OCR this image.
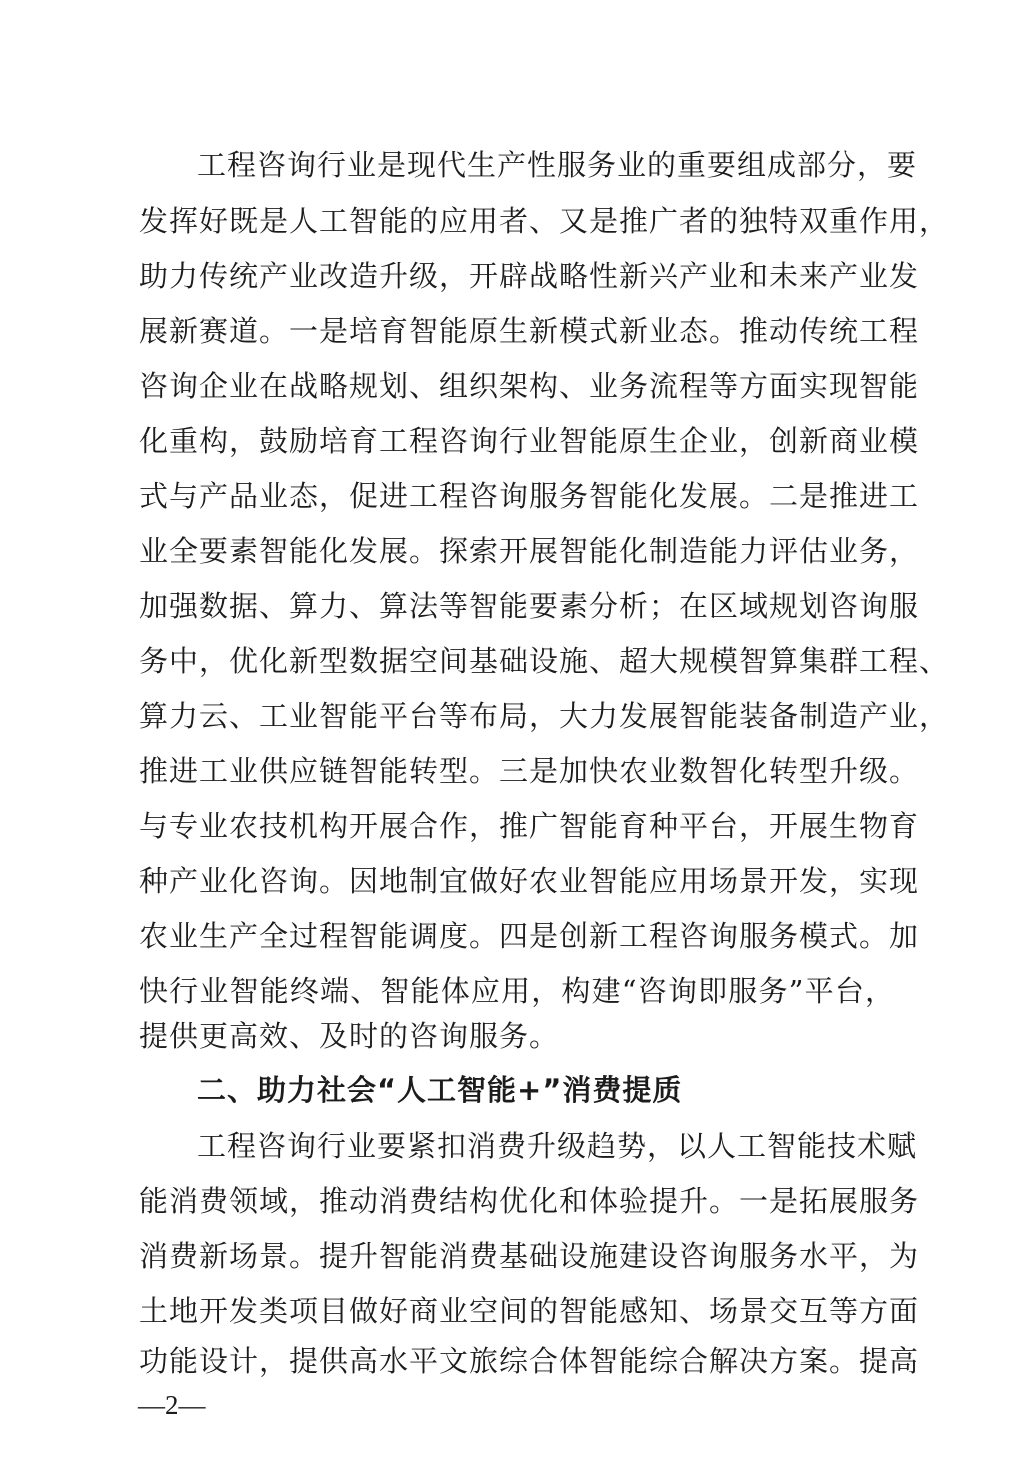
工程咨询行业是现代生产性服务业的重要组成部分，要
发挥好既是人工智能的应用者、又是推广者的独特双重作用，
助力传统产业改造升级，开辟战略性新兴产业和未来产业发
展新赛道。一是培育智能原生新模式新业态。推动传统工程
咨询企业在战略规划、组织架构、业务流程等方面实现智能
化重构，鼓励培育工程咨询行业智能原生企业，创新商业模
式与产品业态，促进工程咨询服务智能化发展。二是推进工
业全要素智能化发展。探索开展智能化制造能力评估业务，
加强数据、算力、算法等智能要素分析；在区域规划咨询服
务中，优化新型数据空间基础设施、超大规模智算集群工程、
算力云、工业智能平台等布局，大力发展智能装备制造产业，
推进工业供应链智能转型。三是加快农业数智化转型升级。
与专业农技机构开展合作，推广智能育种平台，开展生物育
种产业化咨询。因地制宜做好农业智能应用场景开发，实现
农业生产全过程智能调度。四是创新工程咨询服务模式。加
快行业智能终端、智能体应用，构建“咨询即服务”平台，
提供更高效、及时的咨询服务。
二、助力社会“人工智能+”消费提质
工程咨询行业要紧扣消费升级趋势，以人工智能技术赋
能消费领域，推动消费结构优化和体验提升。一是拓展服务
消费新场景。提升智能消费基础设施建设咨询服务水平，为
土地开发类项目做好商业空间的智能感知、场景交互等方面
功能设计，提供高水平文旅综合体智能综合解决方案。提高
—2—
